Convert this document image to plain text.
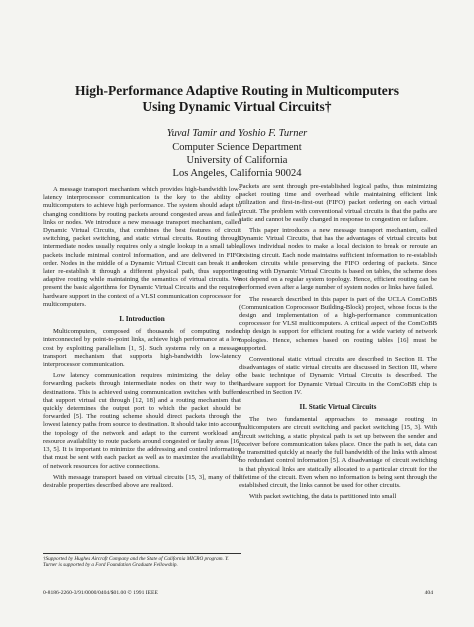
High-Performance Adaptive Routing in Multicomputers
Using Dynamic Virtual Circuits†
Yuval Tamir and Yoshio F. Turner
Computer Science Department
University of California
Los Angeles, California 90024

A message transport mechanism which provides high-bandwidth low-latency interprocessor communication is the key to the ability of multicomputers to achieve high performance. The system should adapt to changing conditions by routing packets around congested areas and failed links or nodes. We introduce a new message transport mechanism, called Dynamic Virtual Circuits, that combines the best features of circuit switching, packet switching, and static virtual circuits. Routing through intermediate nodes usually requires only a single lookup in a small table, packets include minimal control information, and are delivered in FIFO order. Nodes in the middle of a Dynamic Virtual Circuit can break it and later re-establish it through a different physical path, thus supporting adaptive routing while maintaining the semantics of virtual circuits. We present the basic algorithms for Dynamic Virtual Circuits and the required hardware support in the context of a VLSI communication coprocessor for multicomputers.

I. Introduction

Multicomputers, composed of thousands of computing nodes interconnected by point-to-point links, achieve high performance at a low cost by exploiting parallelism [1, 5]. Such systems rely on a message transport mechanism that supports high-bandwidth low-latency interprocessor communication.

Low latency communication requires minimizing the delay of forwarding packets through intermediate nodes on their way to their destinations. This is achieved using communication switches with buffers that support virtual cut through [12, 18] and a routing mechanism that quickly determines the output port to which the packet should be forwarded [5]. The routing scheme should direct packets through the lowest latency paths from source to destination. It should take into account the topology of the network and adapt to the current workload and resource availability to route packets around congested or faulty areas [16, 13, 5]. It is important to minimize the addressing and control information that must be sent with each packet as well as to maximize the availability of network resources for active connections.

With message transport based on virtual circuits [15, 3], many of the desirable properties described above are realized.

†Supported by Hughes Aircraft Company and the State of California MICRO program. Y. Turner is supported by a Ford Foundation Graduate Fellowship.

Packets are sent through pre-established logical paths, thus minimizing packet routing time and overhead while maintaining efficient link utilization and first-in-first-out (FIFO) packet ordering on each virtual circuit. The problem with conventional virtual circuits is that the paths are static and cannot be easily changed in response to congestion or failure.

This paper introduces a new message transport mechanism, called Dynamic Virtual Circuits, that has the advantages of virtual circuits but allows individual nodes to make a local decision to break or reroute an existing circuit. Each node maintains sufficient information to re-establish broken circuits while preserving the FIFO ordering of packets. Since routing with Dynamic Virtual Circuits is based on tables, the scheme does not depend on a regular system topology. Hence, efficient routing can be performed even after a large number of system nodes or links have failed.

The research described in this paper is part of the UCLA ComCoBB (Communication Coprocessor Building-Block) project, whose focus is the design and implementation of a high-performance communication coprocessor for VLSI multicomputers. A critical aspect of the ComCoBB chip design is support for efficient routing for a wide variety of network topologies. Hence, schemes based on routing tables [16] must be supported.

Conventional static virtual circuits are described in Section II. The disadvantages of static virtual circuits are discussed in Section III, where the basic technique of Dynamic Virtual Circuits is described. The hardware support for Dynamic Virtual Circuits in the ComCoBB chip is described in Section IV.

II. Static Virtual Circuits

The two fundamental approaches to message routing in multicomputers are circuit switching and packet switching [15, 3]. With circuit switching, a static physical path is set up between the sender and receiver before communication takes place. Once the path is set, data can be transmitted quickly at nearly the full bandwidth of the links with almost no redundant control information [5]. A disadvantage of circuit switching is that physical links are statically allocated to a particular circuit for the lifetime of the circuit. Even when no information is being sent through the established circuit, the links cannot be used for other circuits.

With packet switching, the data is partitioned into small

0-8186-2260-3/91/0000/0404/$01.00 © 1991 IEEE	404
